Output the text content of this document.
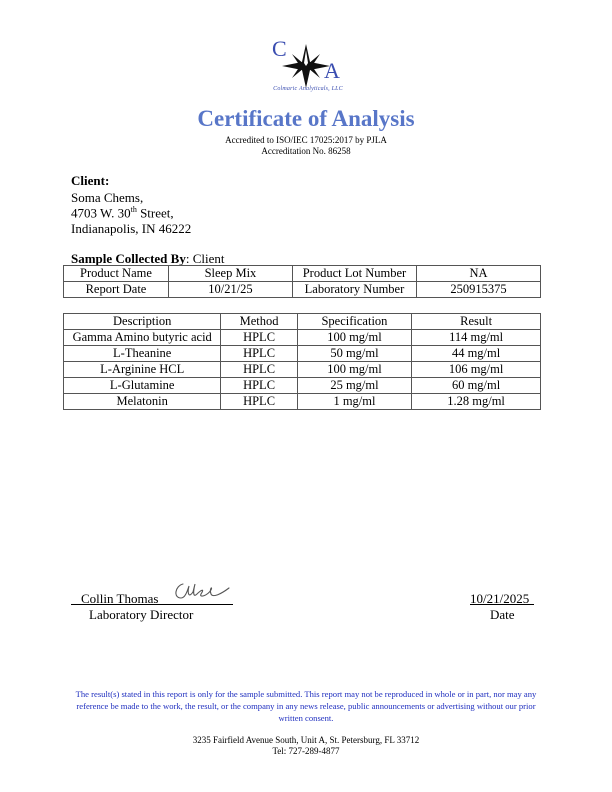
C
A
Colmaric Analyticals, LLC
Certificate of Analysis
Accredited to ISO/IEC 17025:2017 by PJLA
Accreditation No. 86258
Client:
Soma Chems,
4703 W. 30th Street,
Indianapolis, IN 46222
Sample Collected By: Client
Product Name	Sleep Mix	Product Lot Number	NA
Report Date	10/21/25	Laboratory Number	250915375
Description	Method	Specification	Result
Gamma Amino butyric acid	HPLC	100 mg/ml	114 mg/ml
L-Theanine	HPLC	50 mg/ml	44 mg/ml
L-Arginine HCL	HPLC	100 mg/ml	106 mg/ml
L-Glutamine	HPLC	25 mg/ml	60 mg/ml
Melatonin	HPLC	1 mg/ml	1.28 mg/ml
Collin Thomas
Laboratory Director
10/21/2025
Date
The result(s) stated in this report is only for the sample submitted. This report may not be reproduced in whole or in part, nor may any reference be made to the work, the result, or the company in any news release, public announcements or advertising without our prior written consent.
3235 Fairfield Avenue South, Unit A, St. Petersburg, FL 33712
Tel: 727-289-4877
